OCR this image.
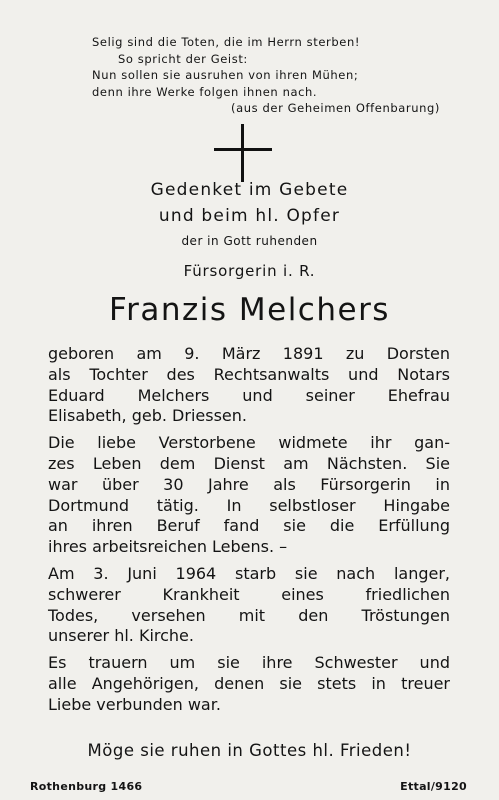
Selig sind die Toten, die im Herrn sterben!
So spricht der Geist:
Nun sollen sie ausruhen von ihren Mühen;
denn ihre Werke folgen ihnen nach.
(aus der Geheimen Offenbarung)
Gedenket im Gebete
und beim hl. Opfer
der in Gott ruhenden
Fürsorgerin i. R.
Franzis Melchers

geboren am 9. März 1891 zu Dorsten
als Tochter des Rechtsanwalts und Notars
Eduard Melchers und seiner Ehefrau
Elisabeth, geb. Driessen.

Die liebe Verstorbene widmete ihr gan-
zes Leben dem Dienst am Nächsten. Sie
war über 30 Jahre als Fürsorgerin in
Dortmund tätig. In selbstloser Hingabe
an ihren Beruf fand sie die Erfüllung
ihres arbeitsreichen Lebens. –

Am 3. Juni 1964 starb sie nach langer,
schwerer Krankheit eines friedlichen
Todes, versehen mit den Tröstungen
unserer hl. Kirche.

Es trauern um sie ihre Schwester und
alle Angehörigen, denen sie stets in treuer
Liebe verbunden war.

Möge sie ruhen in Gottes hl. Frieden!
Rothenburg 1466	Ettal/9120
